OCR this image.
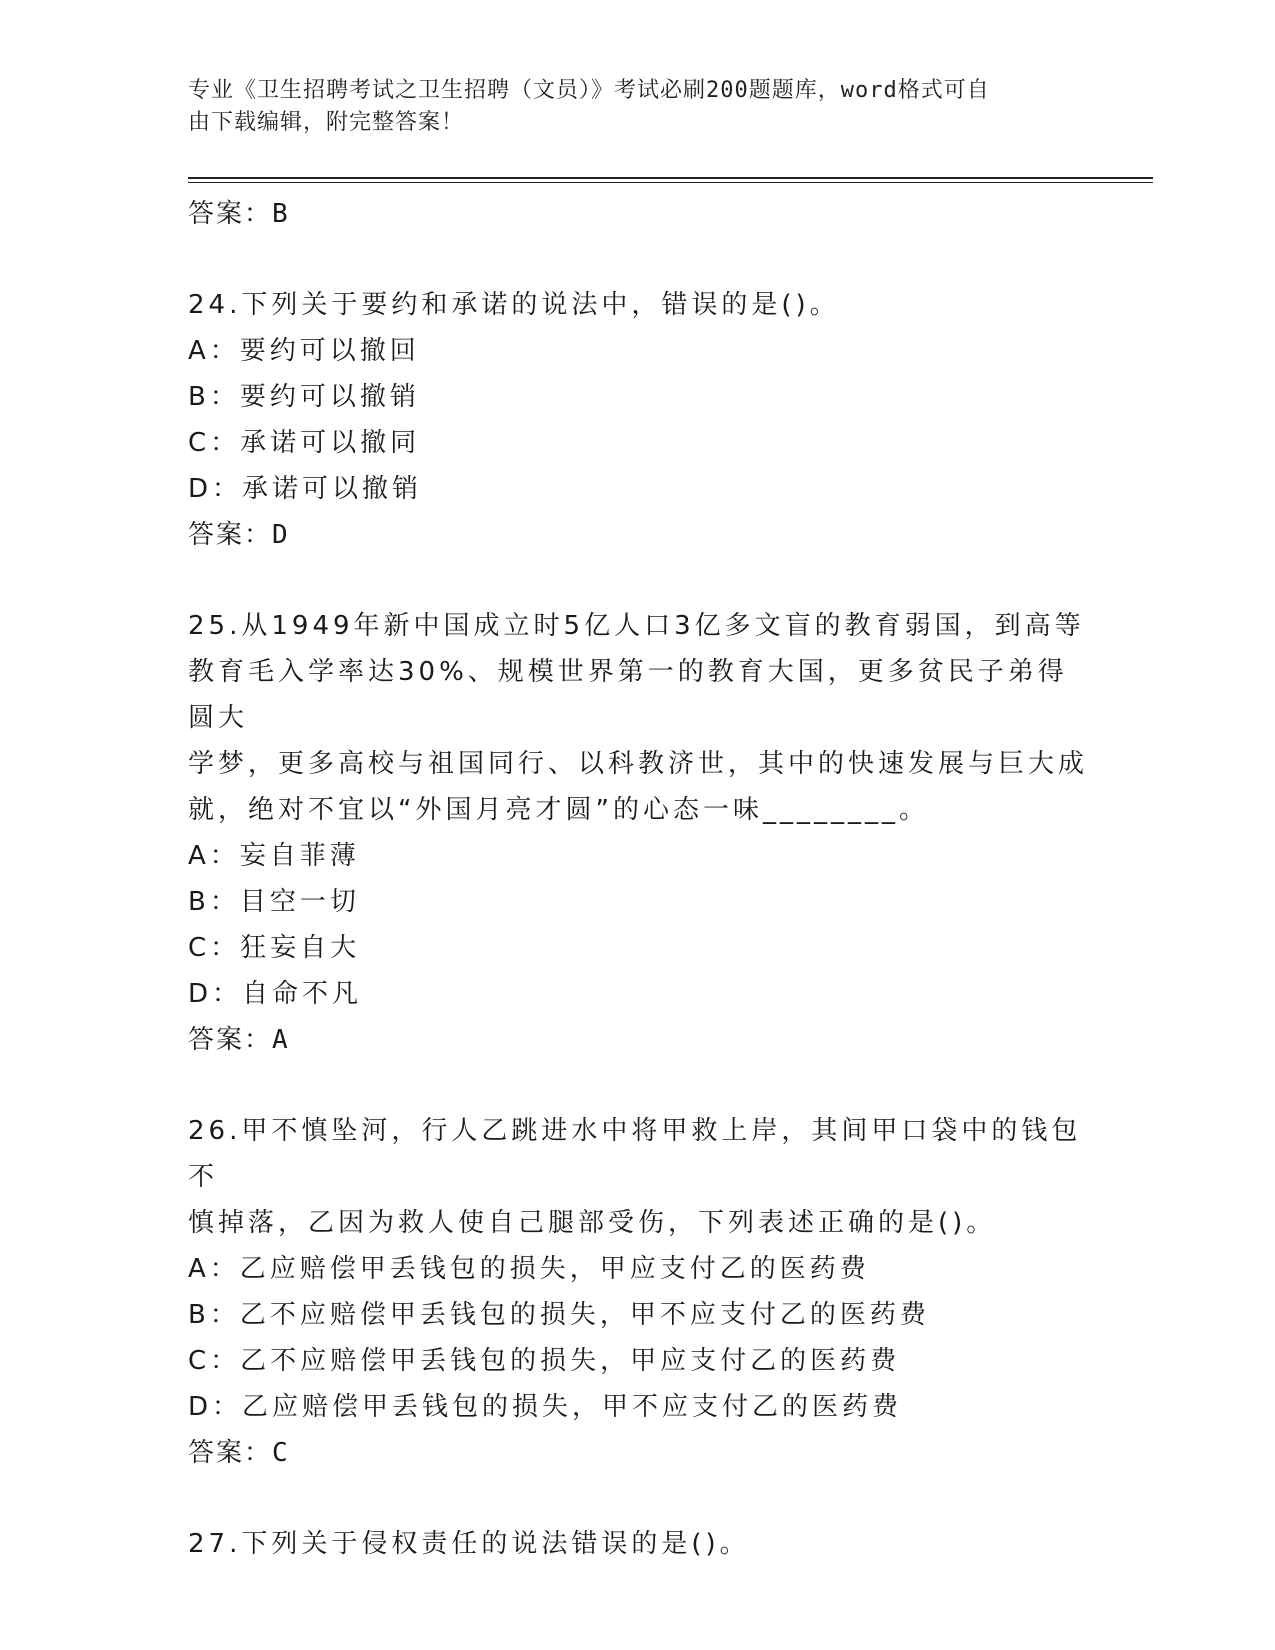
专业《卫生招聘考试之卫生招聘（文员）》考试必刷200题题库，word格式可自
由下载编辑，附完整答案！
答案：B

24.下列关于要约和承诺的说法中，错误的是()。

A：要约可以撤回

B：要约可以撤销

C：承诺可以撤同

D：承诺可以撤销

答案：D

25.从1949年新中国成立时5亿人口3亿多文盲的教育弱国，到高等

教育毛入学率达30%、规模世界第一的教育大国，更多贫民子弟得圆大

学梦，更多高校与祖国同行、以科教济世，其中的快速发展与巨大成

就，绝对不宜以“外国月亮才圆”的心态一味________。

A：妄自菲薄

B：目空一切

C：狂妄自大

D：自命不凡

答案：A

26.甲不慎坠河，行人乙跳进水中将甲救上岸，其间甲口袋中的钱包不

慎掉落，乙因为救人使自己腿部受伤，下列表述正确的是()。

A：乙应赔偿甲丢钱包的损失，甲应支付乙的医药费

B：乙不应赔偿甲丢钱包的损失，甲不应支付乙的医药费

C：乙不应赔偿甲丢钱包的损失，甲应支付乙的医药费

D：乙应赔偿甲丢钱包的损失，甲不应支付乙的医药费

答案：C

27.下列关于侵权责任的说法错误的是()。
